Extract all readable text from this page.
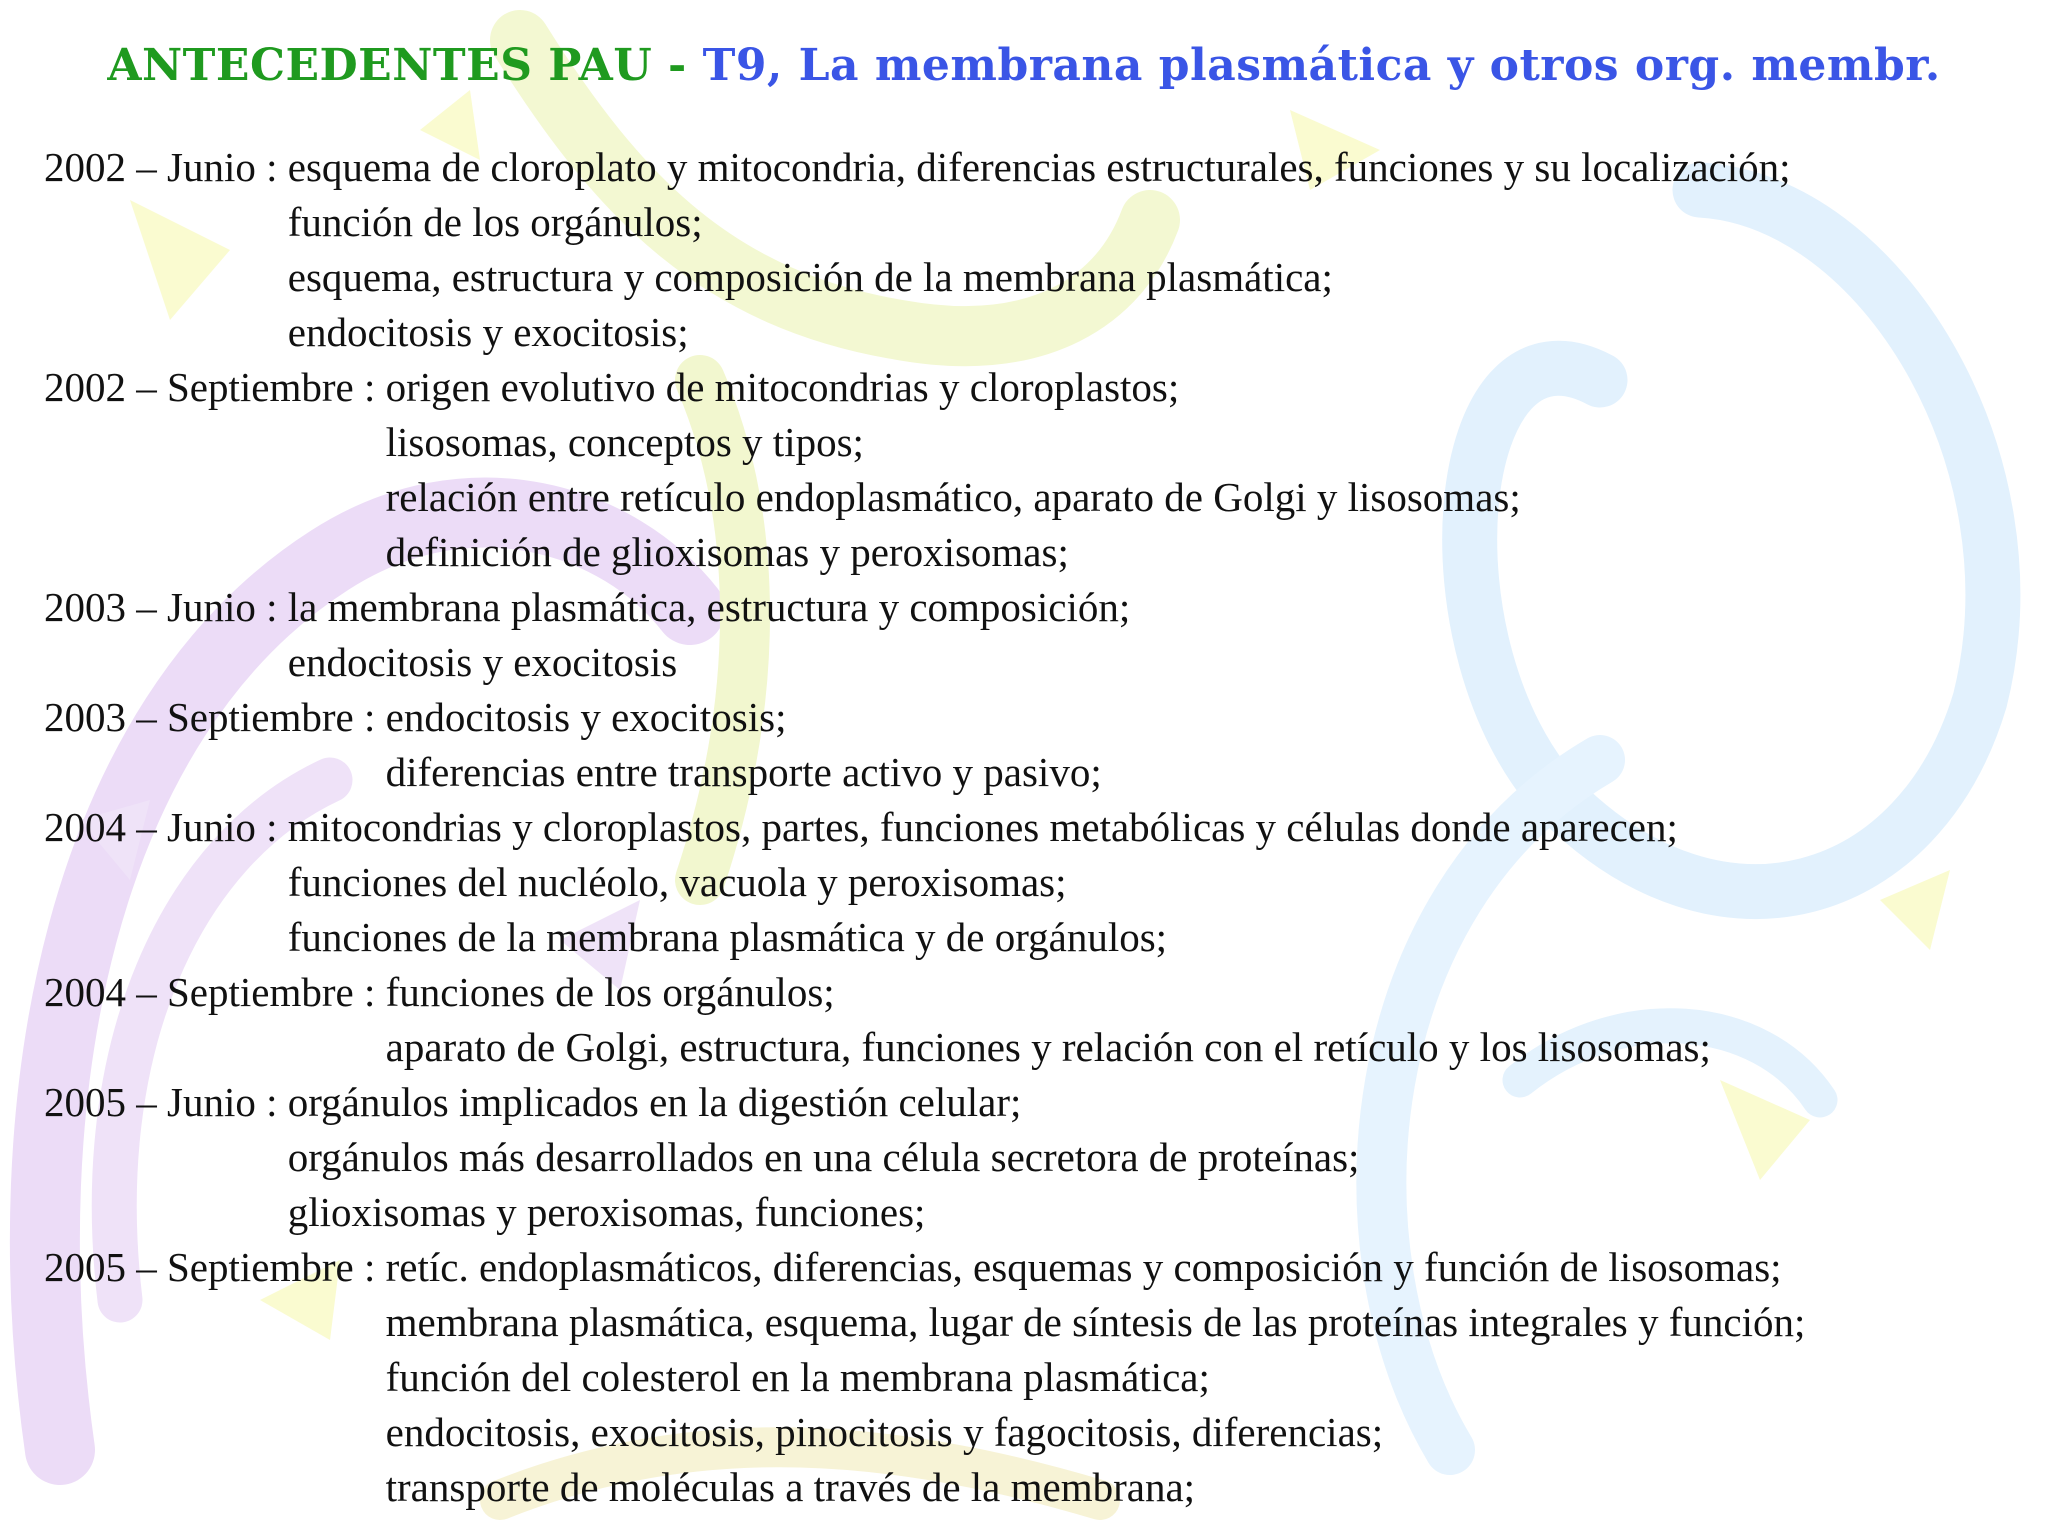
ANTECEDENTES PAU - T9, La membrana plasmática y otros org. membr.
2002 – Junio : esquema de cloroplato y mitocondria, diferencias estructurales, funciones y su localización;
función de los orgánulos;
esquema, estructura y composición de la membrana plasmática;
endocitosis y exocitosis;
2002 – Septiembre : origen evolutivo de mitocondrias y cloroplastos;
lisosomas, conceptos y tipos;
relación entre retículo endoplasmático, aparato de Golgi y lisosomas;
definición de glioxisomas y peroxisomas;
2003 – Junio : la membrana plasmática, estructura y composición;
endocitosis y exocitosis
2003 – Septiembre : endocitosis y exocitosis;
diferencias entre transporte activo y pasivo;
2004 – Junio : mitocondrias y cloroplastos, partes, funciones metabólicas y células donde aparecen;
funciones del nucléolo, vacuola y peroxisomas;
funciones de la membrana plasmática y de orgánulos;
2004 – Septiembre : funciones de los orgánulos;
aparato de Golgi, estructura, funciones y relación con el retículo y los lisosomas;
2005 – Junio : orgánulos implicados en la digestión celular;
orgánulos más desarrollados en una célula secretora de proteínas;
glioxisomas y peroxisomas, funciones;
2005 – Septiembre : retíc. endoplasmáticos, diferencias, esquemas y composición y función de lisosomas;
membrana plasmática, esquema, lugar de síntesis de las proteínas integrales y función;
función del colesterol en la membrana plasmática;
endocitosis, exocitosis, pinocitosis y fagocitosis, diferencias;
transporte de moléculas a través de la membrana;
